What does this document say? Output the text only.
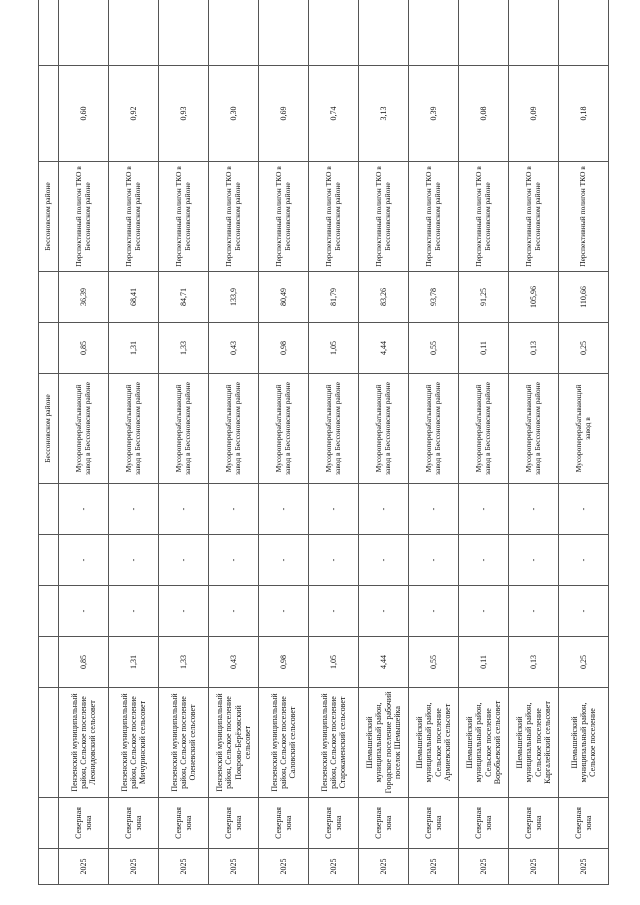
							Бессоновском районе			Бессоновском районе		
2025	Северная зона	Пензенский муниципальный район, Сельское поселение Леонидовский сельсовет	0,85	-	-	-	Мусороперерабатывающий завод в Бессоновском районе	0,85	36,39	Перспективный полигон ТКО в Бессоновском районе	0,60	
2025	Северная зона	Пензенский муниципальный район, Сельское поселение Мичуринский сельсовет	1,31	-	-	-	Мусороперерабатывающий завод в Бессоновском районе	1,31	68,41	Перспективный полигон ТКО в Бессоновском районе	0,92	
2025	Северная зона	Пензенский муниципальный район, Сельское поселение Оленевский сельсовет	1,33	-	-	-	Мусороперерабатывающий завод в Бессоновском районе	1,33	84,71	Перспективный полигон ТКО в Бессоновском районе	0,93	
2025	Северная зона	Пензенский муниципальный район, Сельское поселение Покрово-Берёзовский сельсовет	0,43	-	-	-	Мусороперерабатывающий завод в Бессоновском районе	0,43	133,9	Перспективный полигон ТКО в Бессоновском районе	0,30	
2025	Северная зона	Пензенский муниципальный район, Сельское поселение Саловский сельсовет	0,98	-	-	-	Мусороперерабатывающий завод в Бессоновском районе	0,98	80,49	Перспективный полигон ТКО в Бессоновском районе	0,69	
2025	Северная зона	Пензенский муниципальный район, Сельское поселение Старокаменский сельсовет	1,05	-	-	-	Мусороперерабатывающий завод в Бессоновском районе	1,05	81,79	Перспективный полигон ТКО в Бессоновском районе	0,74	
2025	Северная зона	Шемышейский муниципальный район, Городское поселение рабочий поселок Шемышейка	4,44	-	-	-	Мусороперерабатывающий завод в Бессоновском районе	4,44	83,26	Перспективный полигон ТКО в Бессоновском районе	3,13	
2025	Северная зона	Шемышейский муниципальный район, Сельское поселение Армиевский сельсовет	0,55	-	-	-	Мусороперерабатывающий завод в Бессоновском районе	0,55	93,78	Перспективный полигон ТКО в Бессоновском районе	0,39	
2025	Северная зона	Шемышейский муниципальный район, Сельское поселение Воробьевский сельсовет	0,11	-	-	-	Мусороперерабатывающий завод в Бессоновском районе	0,11	91,25	Перспективный полигон ТКО в Бессоновском районе	0,08	
2025	Северная зона	Шемышейский муниципальный район, Сельское поселение Каргалейский сельсовет	0,13	-	-	-	Мусороперерабатывающий завод в Бессоновском районе	0,13	105,96	Перспективный полигон ТКО в Бессоновском районе	0,09	
2025	Северная зона	Шемышейский муниципальный район, Сельское поселение	0,25	-	-	-	Мусороперерабатывающий завод в	0,25	110,66	Перспективный полигон ТКО в	0,18	
